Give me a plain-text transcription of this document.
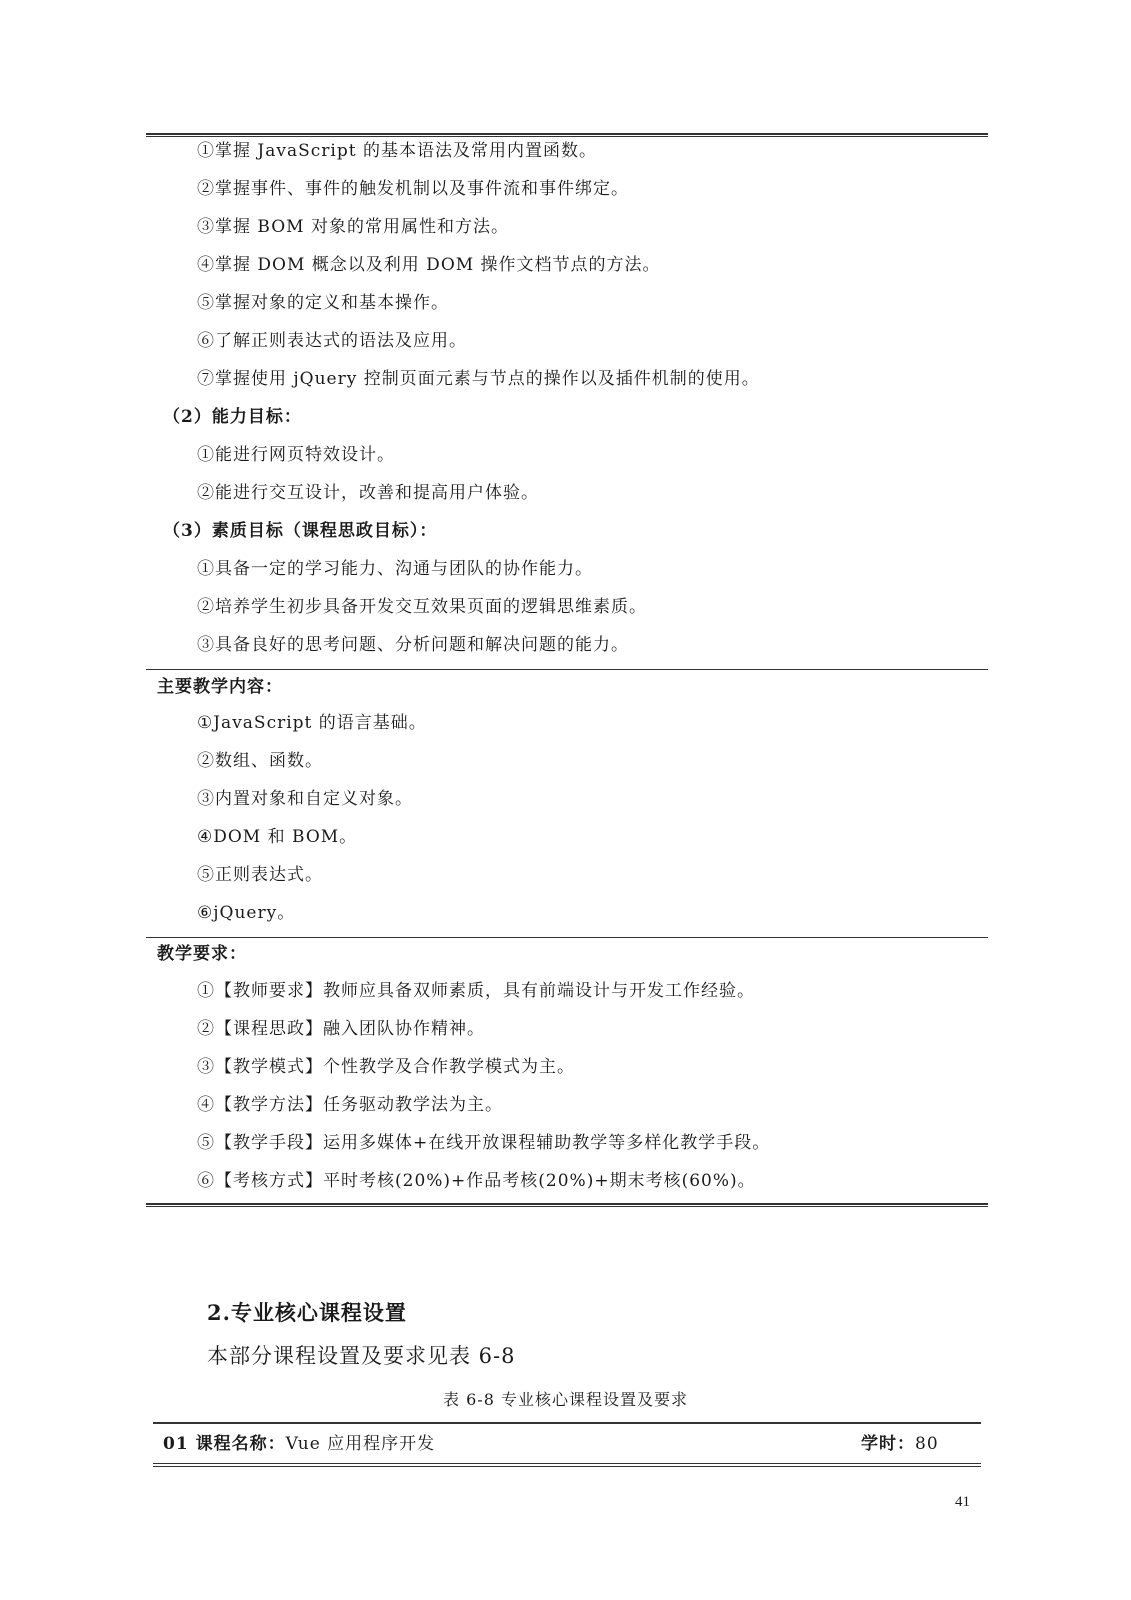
①掌握 JavaScript 的基本语法及常用内置函数。
②掌握事件、事件的触发机制以及事件流和事件绑定。
③掌握 BOM 对象的常用属性和方法。
④掌握 DOM 概念以及利用 DOM 操作文档节点的方法。
⑤掌握对象的定义和基本操作。
⑥了解正则表达式的语法及应用。
⑦掌握使用 jQuery 控制页面元素与节点的操作以及插件机制的使用。
（2）能力目标：
①能进行网页特效设计。
②能进行交互设计，改善和提高用户体验。
（3）素质目标（课程思政目标）：
①具备一定的学习能力、沟通与团队的协作能力。
②培养学生初步具备开发交互效果页面的逻辑思维素质。
③具备良好的思考问题、分析问题和解决问题的能力。
主要教学内容：
①JavaScript 的语言基础。
②数组、函数。
③内置对象和自定义对象。
④DOM 和 BOM。
⑤正则表达式。
⑥jQuery。
教学要求：
①【教师要求】教师应具备双师素质，具有前端设计与开发工作经验。
②【课程思政】融入团队协作精神。
③【教学模式】个性教学及合作教学模式为主。
④【教学方法】任务驱动教学法为主。
⑤【教学手段】运用多媒体+在线开放课程辅助教学等多样化教学手段。
⑥【考核方式】平时考核(20%)+作品考核(20%)+期末考核(60%)。
2.专业核心课程设置
本部分课程设置及要求见表 6-8
表 6-8 专业核心课程设置及要求
01 课程名称：Vue 应用程序开发	学时：80
41
